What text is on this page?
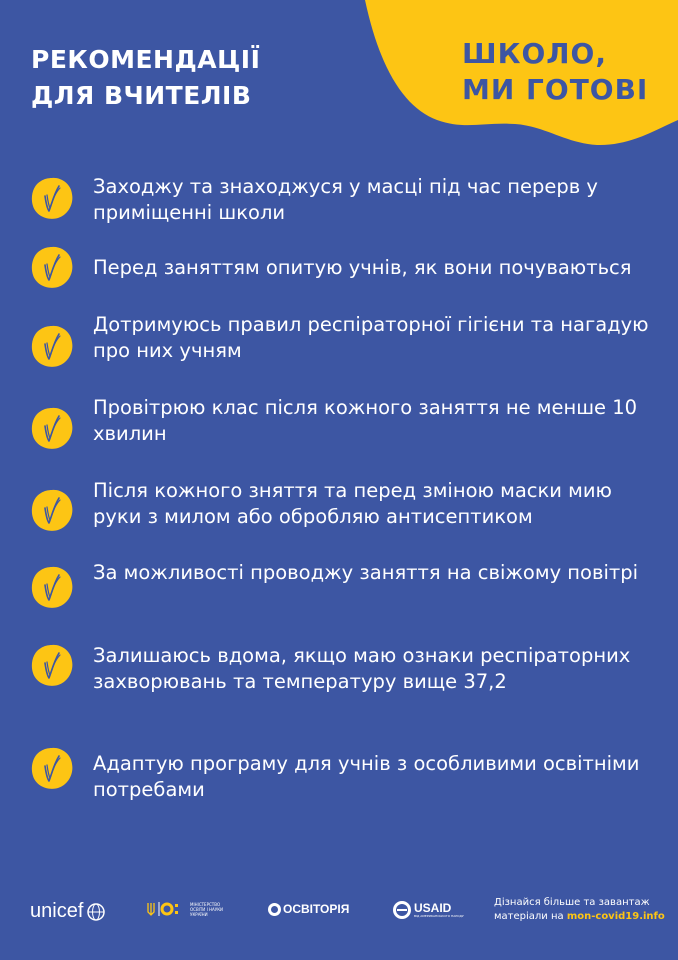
ШКОЛО,
МИ ГОТОВІ
РЕКОМЕНДАЦІЇ
ДЛЯ ВЧИТЕЛІВ
Заходжу та знаходжуся у масці під час перерв у приміщенні школи
Перед заняттям опитую учнів, як вони почуваються
Дотримуюсь правил респіраторної гігієни та нагадую про них учням
Провітрюю клас після кожного заняття не менше 10 хвилин
Після кожного зняття та перед зміною маски мию руки з милом або обробляю антисептиком
За можливості проводжу заняття на свіжому повітрі
Залишаюсь вдома, якщо маю ознаки респіраторних захворювань та температуру вище 37,2
Адаптую програму для учнів з особливими освітніми потребами
unicef	МІНІСТЕРСТВО ОСВІТИ І НАУКИ УКРАЇНИ	ОСВІТОРІЯ	USAID
ВІД АМЕРИКАНСЬКОГО НАРОДУ
Дізнайся більше та завантаж матеріали на mon-covid19.info
